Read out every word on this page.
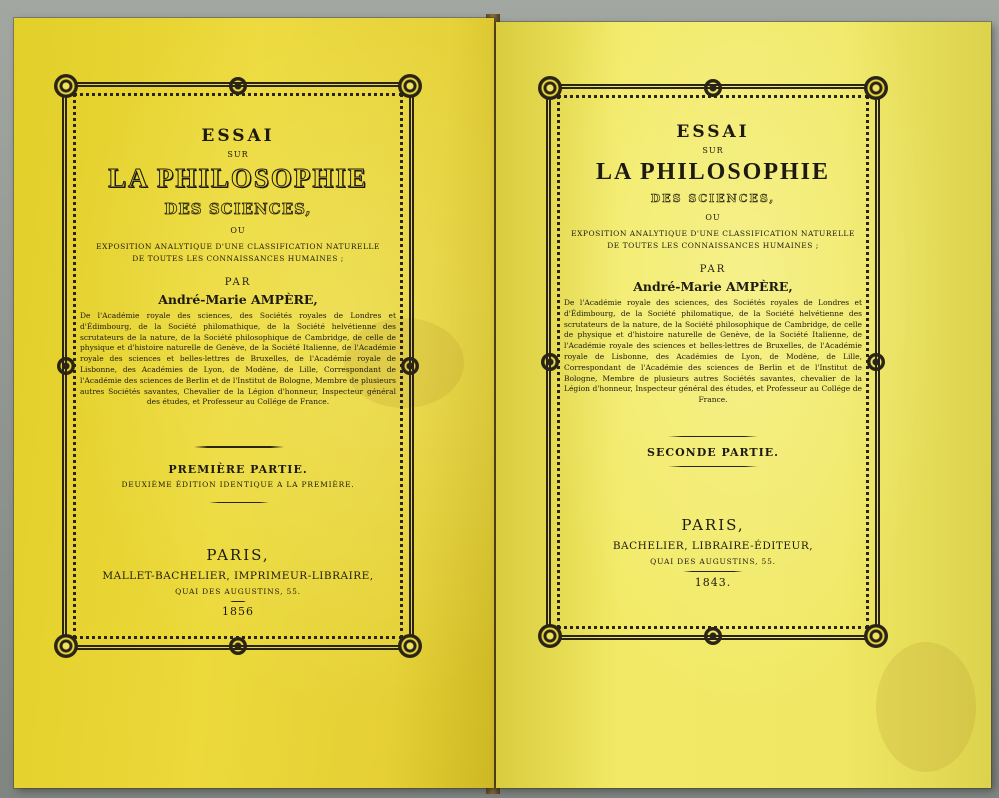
ESSAI
SUR
LA PHILOSOPHIE
DES SCIENCES,
OU
EXPOSITION ANALYTIQUE D'UNE CLASSIFICATION NATURELLE
DE TOUTES LES CONNAISSANCES HUMAINES ;
PAR
André-Marie AMPÈRE,
De l'Académie royale des sciences, des Sociétés royales de Londres et d'Édimbourg, de la Société philomathique, de la Société helvétienne des scrutateurs de la nature, de la Société philosophique de Cambridge, de celle de physique et d'histoire naturelle de Genève, de la Société Italienne, de l'Académie royale des sciences et belles-lettres de Bruxelles, de l'Académie royale de Lisbonne, des Académies de Lyon, de Modène, de Lille, Correspondant de l'Académie des sciences de Berlin et de l'Institut de Bologne, Membre de plusieurs autres Sociétés savantes, Chevalier de la Légion d'honneur, Inspecteur général des études, et Professeur au Collége de France.
PREMIÈRE PARTIE.
DEUXIÈME ÉDITION IDENTIQUE A LA PREMIÈRE.
PARIS,
MALLET-BACHELIER, IMPRIMEUR-LIBRAIRE,
QUAI DES AUGUSTINS, 55.
1856
ESSAI
SUR
LA PHILOSOPHIE
DES SCIENCES,
OU
EXPOSITION ANALYTIQUE D'UNE CLASSIFICATION NATURELLE
DE TOUTES LES CONNAISSANCES HUMAINES ;
PAR
André-Marie AMPÈRE,
De l'Académie royale des sciences, des Sociétés royales de Londres et d'Édimbourg, de la Société philomatique, de la Société helvétienne des scrutateurs de la nature, de la Société philosophique de Cambridge, de celle de physique et d'histoire naturelle de Genève, de la Société Italienne, de l'Académie royale des sciences et belles-lettres de Bruxelles, de l'Académie royale de Lisbonne, des Académies de Lyon, de Modène, de Lille, Correspondant de l'Académie des sciences de Berlin et de l'Institut de Bologne, Membre de plusieurs autres Sociétés savantes, chevalier de la Légion d'honneur, Inspecteur général des études, et Professeur au Collége de France.
SECONDE PARTIE.
PARIS,
BACHELIER, LIBRAIRE-ÉDITEUR,
QUAI DES AUGUSTINS, 55.
1843.
